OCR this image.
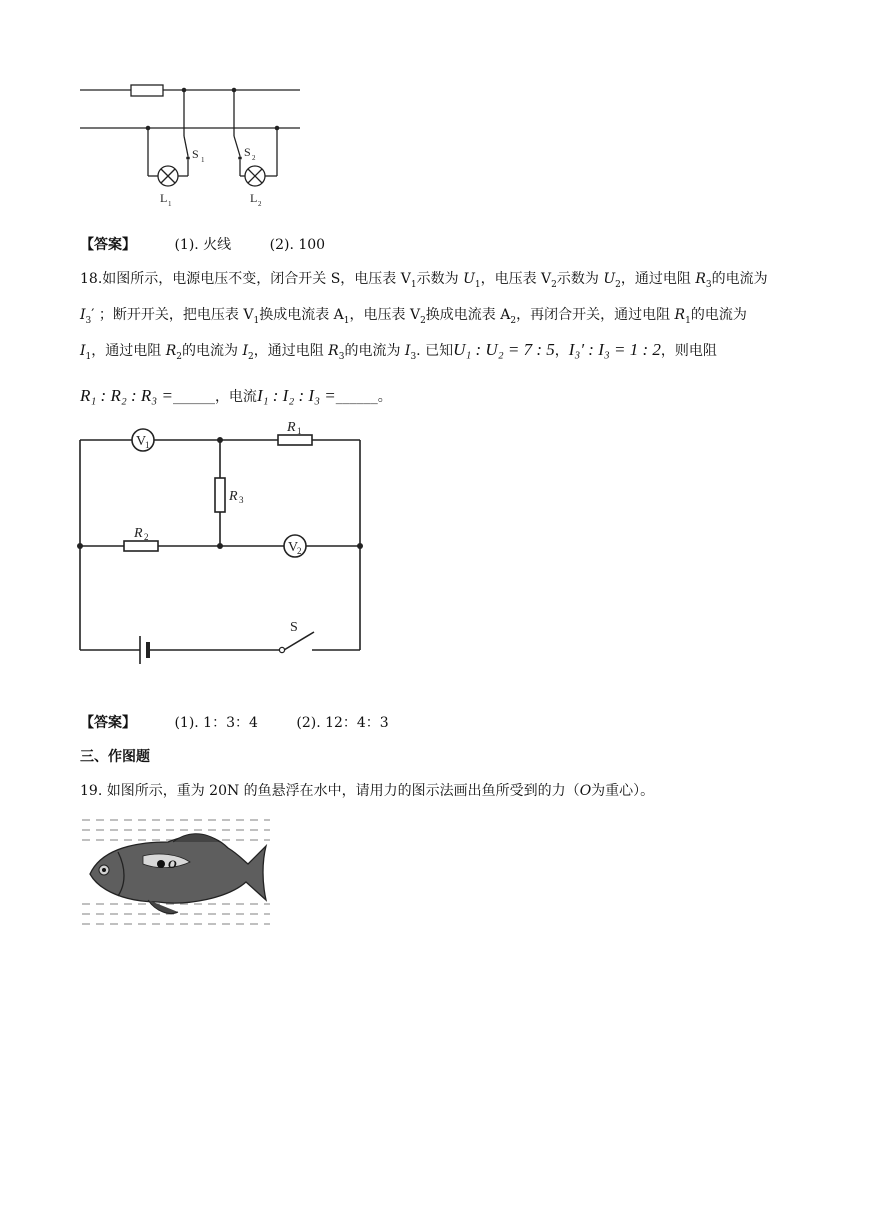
S 1
S 2
L 1	L 2
【答案】	(1). 火线	(2). 100
18.如图所示，电源电压不变，闭合开关 S，电压表 $V_1$示数为 $U_1$，电压表 $V_2$示数为 $U_2$，通过电阻 $R_3$的电流为
$I_3'$ ；断开开关，把电压表 $V_1$换成电流表 $A_1$，电压表 $V_2$换成电流表 $A_2$，再闭合开关，通过电阻 $R_1$的电流为
$I_1$，通过电阻 $R_2$的电流为 $I_2$，通过电阻 $R_3$的电流为 $I_3$. 已知U₁ : U₂ = 7 : 5，I₃′ : I₃ = 1 : 2，则电阻
R₁ : R₂ : R₃ =______，电流I₁ : I₂ : I₃ =______。
V
1
V
2
R 1
R 2
R 3
S
【答案】	(1). 1：3：4	(2). 12：4：3
三、作图题
19. 如图所示，重为 20N 的鱼悬浮在水中，请用力的图示法画出鱼所受到的力（O为重心）。
O
